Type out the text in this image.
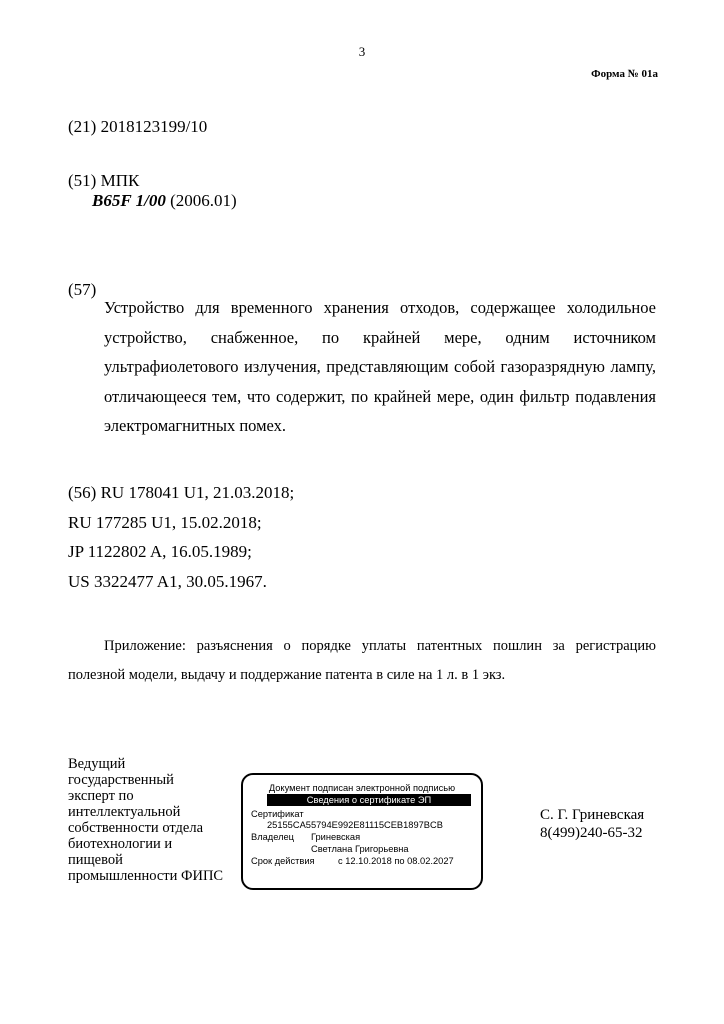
3
Форма № 01а
(21) 2018123199/10
(51) МПК
B65F 1/00 (2006.01)
(57)
Устройство для временного хранения отходов, содержащее холодильное устройство, снабженное, по крайней мере, одним источником ультрафиолетового излучения, представляющим собой газоразрядную лампу, отличающееся тем, что содержит, по крайней мере, один фильтр подавления электромагнитных помех.
(56) RU 178041 U1, 21.03.2018;
RU 177285 U1, 15.02.2018;
JP 1122802 A, 16.05.1989;
US 3322477 A1, 30.05.1967.
Приложение: разъяснения о порядке уплаты патентных пошлин за регистрацию полезной модели, выдачу и поддержание патента в силе на 1 л. в 1 экз.
Ведущий
государственный
эксперт по
интеллектуальной
собственности отдела
биотехнологии и
пищевой
промышленности ФИПС
Документ подписан электронной подписью
Сведения о сертификате ЭП
Сертификат
25155CA55794E992E81115CEB1897BCB
Владелец Гриневская
Светлана Григорьевна
Срок действия	с 12.10.2018 по 08.02.2027
С. Г. Гриневская
8(499)240-65-32
